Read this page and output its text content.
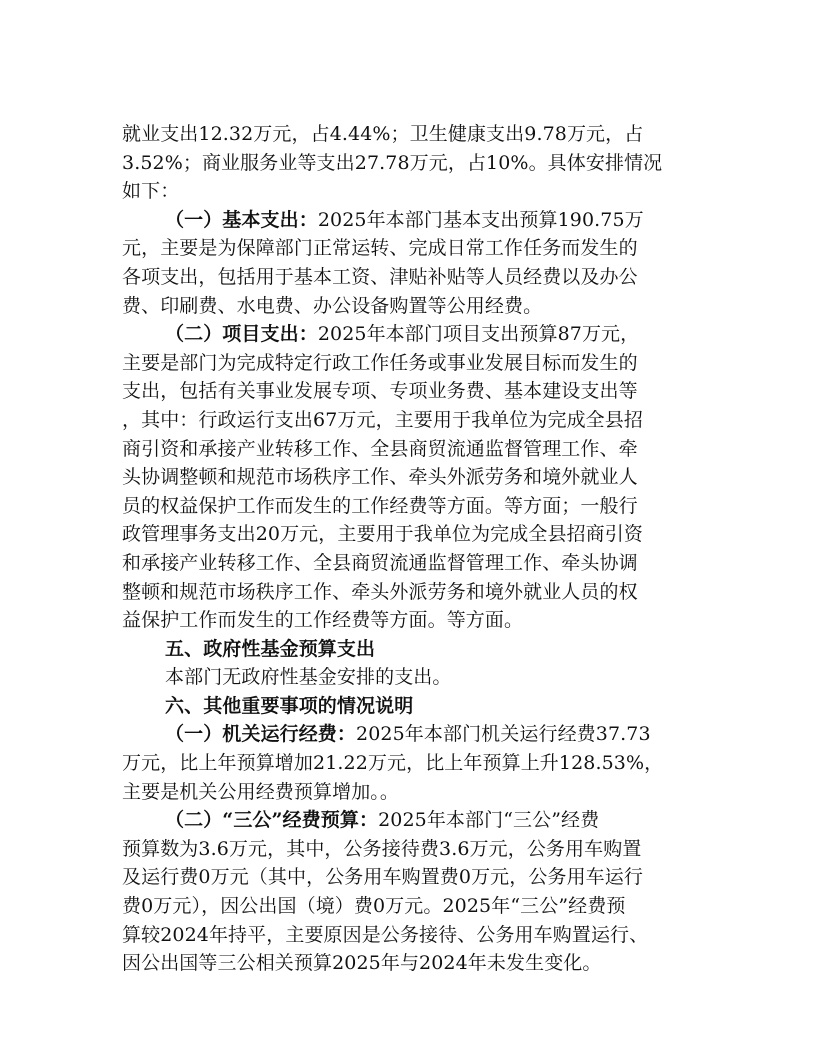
就业支出12.32万元，占4.44%；卫生健康支出9.78万元，占
3.52%；商业服务业等支出27.78万元，占10%。具体安排情况
如下：
（一）基本支出：2025年本部门基本支出预算190.75万
元，主要是为保障部门正常运转、完成日常工作任务而发生的
各项支出，包括用于基本工资、津贴补贴等人员经费以及办公
费、印刷费、水电费、办公设备购置等公用经费。
（二）项目支出：2025年本部门项目支出预算87万元，
主要是部门为完成特定行政工作任务或事业发展目标而发生的
支出，包括有关事业发展专项、专项业务费、基本建设支出等
，其中：行政运行支出67万元，主要用于我单位为完成全县招
商引资和承接产业转移工作、全县商贸流通监督管理工作、牵
头协调整顿和规范市场秩序工作、牵头外派劳务和境外就业人
员的权益保护工作而发生的工作经费等方面。等方面；一般行
政管理事务支出20万元，主要用于我单位为完成全县招商引资
和承接产业转移工作、全县商贸流通监督管理工作、牵头协调
整顿和规范市场秩序工作、牵头外派劳务和境外就业人员的权
益保护工作而发生的工作经费等方面。等方面。
五、政府性基金预算支出
本部门无政府性基金安排的支出。
六、其他重要事项的情况说明
（一）机关运行经费：2025年本部门机关运行经费37.73
万元，比上年预算增加21.22万元，比上年预算上升128.53%，
主要是机关公用经费预算增加。。
（二）“三公”经费预算：2025年本部门“三公”经费
预算数为3.6万元，其中，公务接待费3.6万元，公务用车购置
及运行费0万元（其中，公务用车购置费0万元，公务用车运行
费0万元），因公出国（境）费0万元。2025年“三公”经费预
算较2024年持平，主要原因是公务接待、公务用车购置运行、
因公出国等三公相关预算2025年与2024年未发生变化。
